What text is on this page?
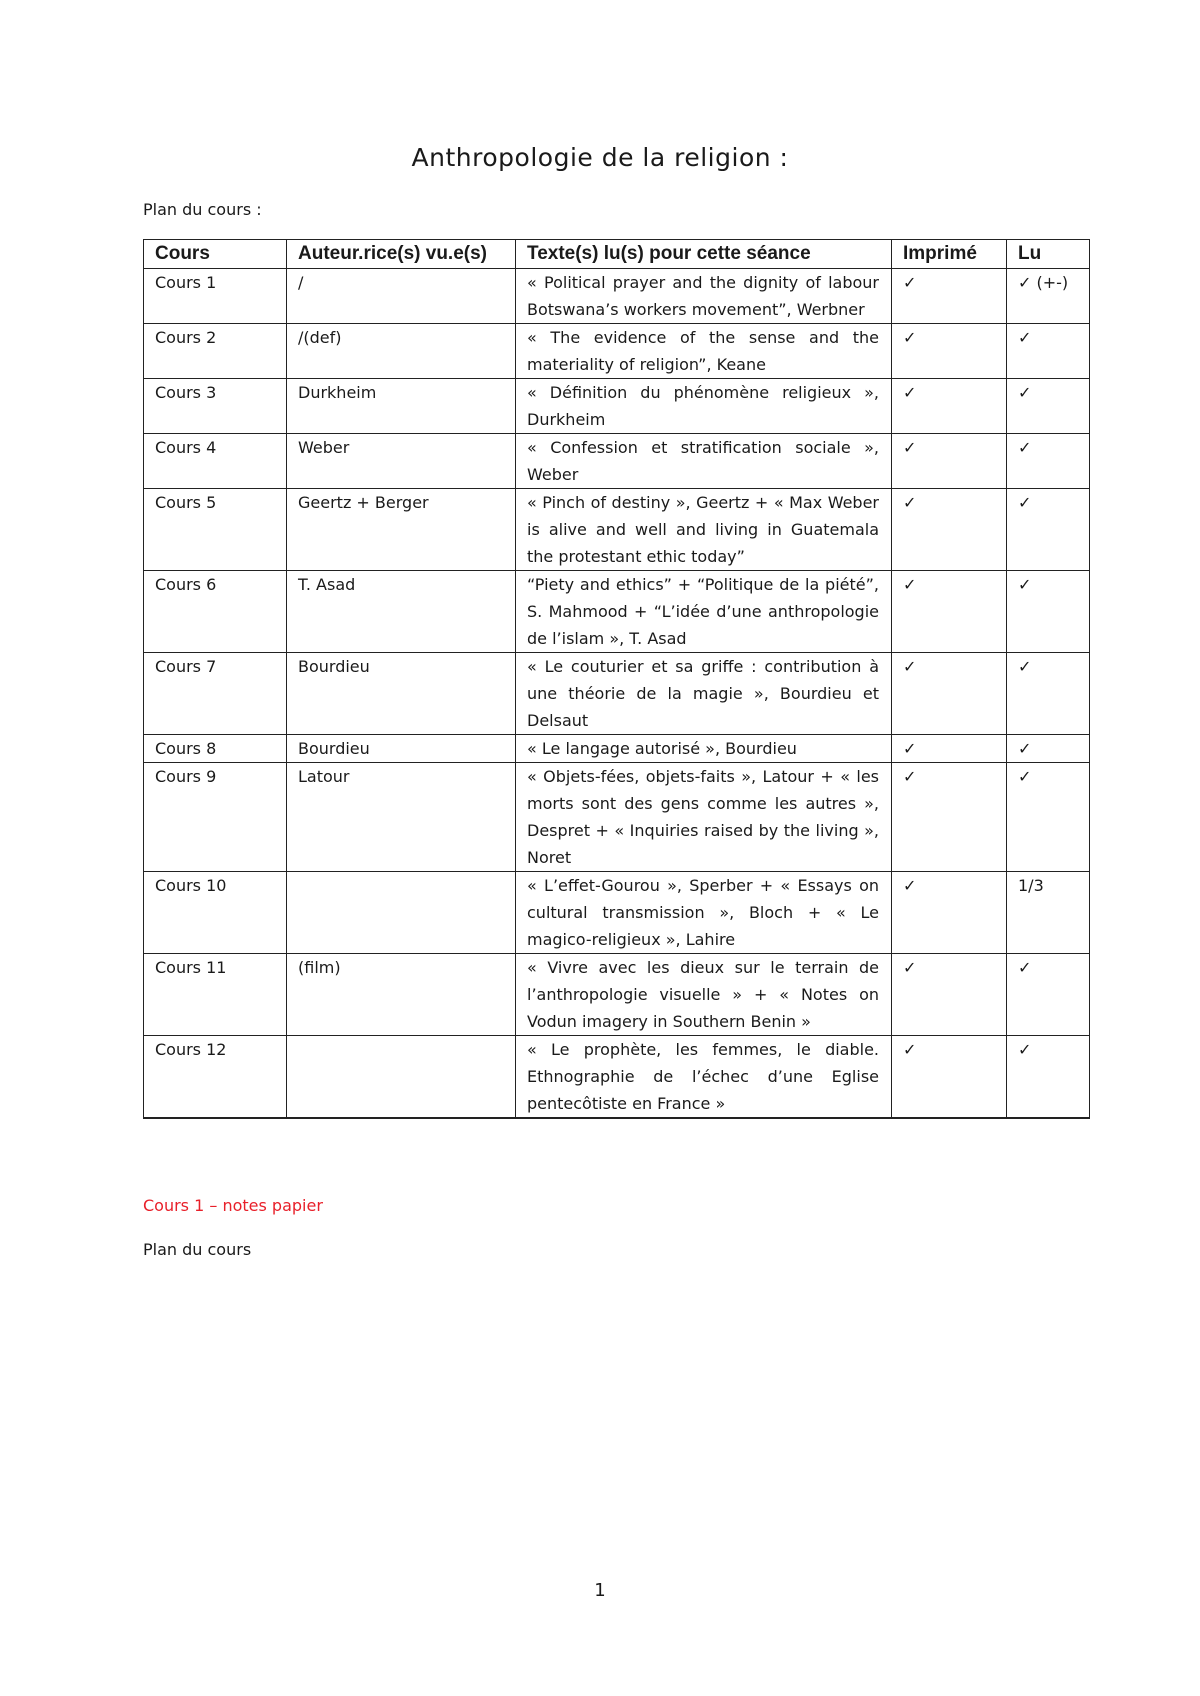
Anthropologie de la religion :
Plan du cours :
Cours	Auteur.rice(s) vu.e(s)	Texte(s) lu(s) pour cette séance	Imprimé	Lu
Cours 1	/	« Political prayer and the dignity of labour Botswana’s workers movement”, Werbner	✓	✓ (+-)
Cours 2	/(def)	« The evidence of the sense and the materiality of religion”, Keane	✓	✓
Cours 3	Durkheim	« Définition du phénomène religieux », Durkheim	✓	✓
Cours 4	Weber	« Confession et stratification sociale », Weber	✓	✓
Cours 5	Geertz + Berger	« Pinch of destiny », Geertz + « Max Weber is alive and well and living in Guatemala the protestant ethic today”	✓	✓
Cours 6	T. Asad	“Piety and ethics” + “Politique de la piété”, S. Mahmood + “L’idée d’une anthropologie de l’islam », T. Asad	✓	✓
Cours 7	Bourdieu	« Le couturier et sa griffe : contribution à une théorie de la magie », Bourdieu et Delsaut	✓	✓
Cours 8	Bourdieu	« Le langage autorisé », Bourdieu	✓	✓
Cours 9	Latour	« Objets-fées, objets-faits », Latour + « les morts sont des gens comme les autres », Despret + « Inquiries raised by the living », Noret	✓	✓
Cours 10		« L’effet-Gourou », Sperber + « Essays on cultural transmission », Bloch + « Le magico-religieux », Lahire	✓	1/3
Cours 11	(film)	« Vivre avec les dieux sur le terrain de l’anthropologie visuelle » + « Notes on Vodun imagery in Southern Benin »	✓	✓
Cours 12		« Le prophète, les femmes, le diable. Ethnographie de l’échec d’une Eglise pentecôtiste en France »	✓	✓
Cours 1 – notes papier
Plan du cours
1
